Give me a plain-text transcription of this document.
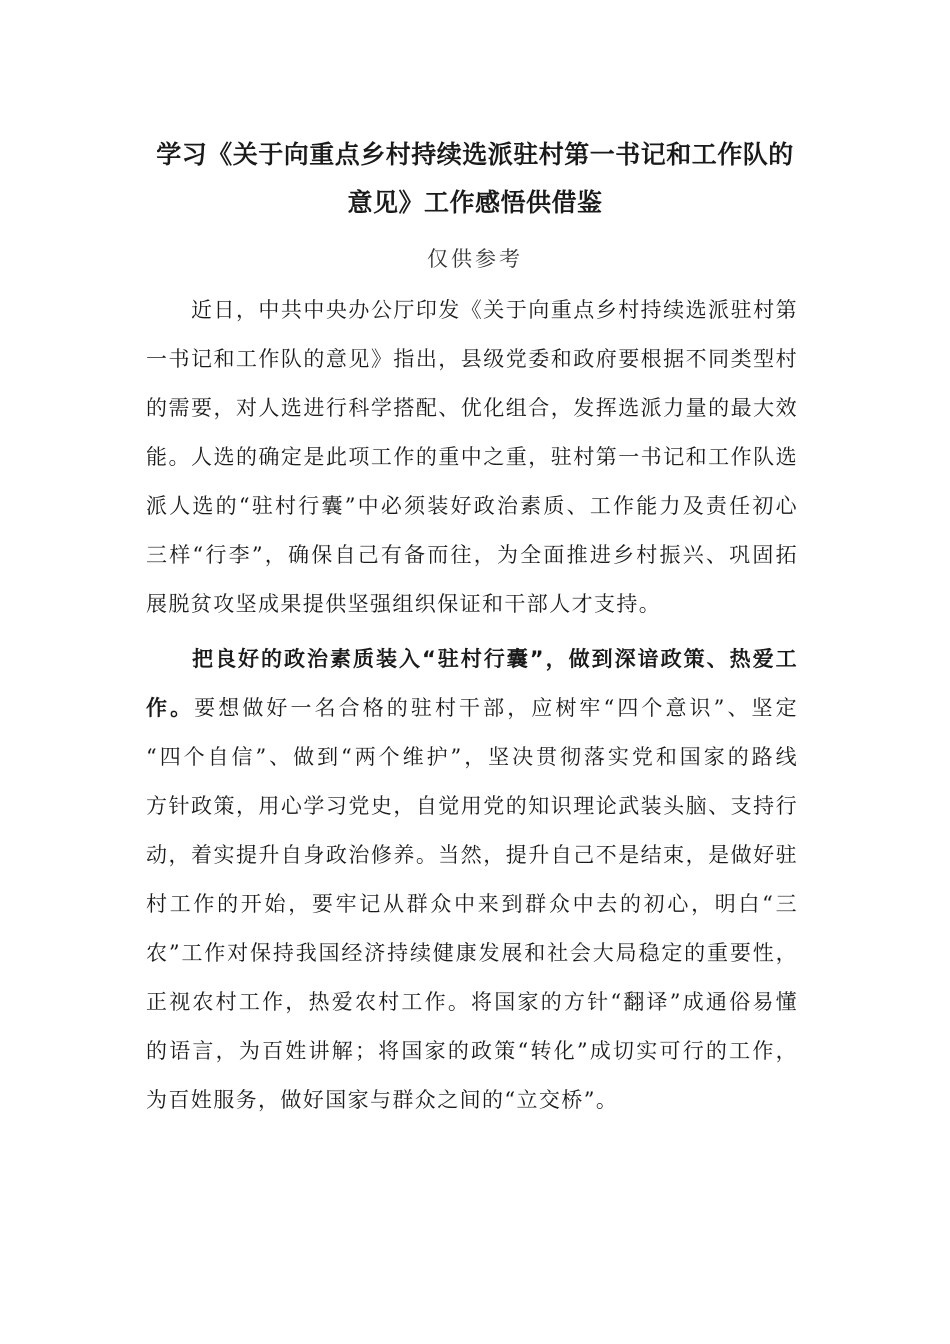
学习《关于向重点乡村持续选派驻村第一书记和工作队的
意见》工作感悟供借鉴
仅供参考
　　近日，中共中央办公厅印发《关于向重点乡村持续选派驻村第
一书记和工作队的意见》指出，县级党委和政府要根据不同类型村
的需要，对人选进行科学搭配、优化组合，发挥选派力量的最大效
能。人选的确定是此项工作的重中之重，驻村第一书记和工作队选
派人选的“驻村行囊”中必须装好政治素质、工作能力及责任初心
三样“行李”，确保自己有备而往，为全面推进乡村振兴、巩固拓
展脱贫攻坚成果提供坚强组织保证和干部人才支持。
　　把良好的政治素质装入“驻村行囊”，做到深谙政策、热爱工
作。要想做好一名合格的驻村干部，应树牢“四个意识”、坚定
“四个自信”、做到“两个维护”，坚决贯彻落实党和国家的路线
方针政策，用心学习党史，自觉用党的知识理论武装头脑、支持行
动，着实提升自身政治修养。当然，提升自己不是结束，是做好驻
村工作的开始，要牢记从群众中来到群众中去的初心，明白“三
农”工作对保持我国经济持续健康发展和社会大局稳定的重要性，
正视农村工作，热爱农村工作。将国家的方针“翻译”成通俗易懂
的语言，为百姓讲解；将国家的政策“转化”成切实可行的工作，
为百姓服务，做好国家与群众之间的“立交桥”。
